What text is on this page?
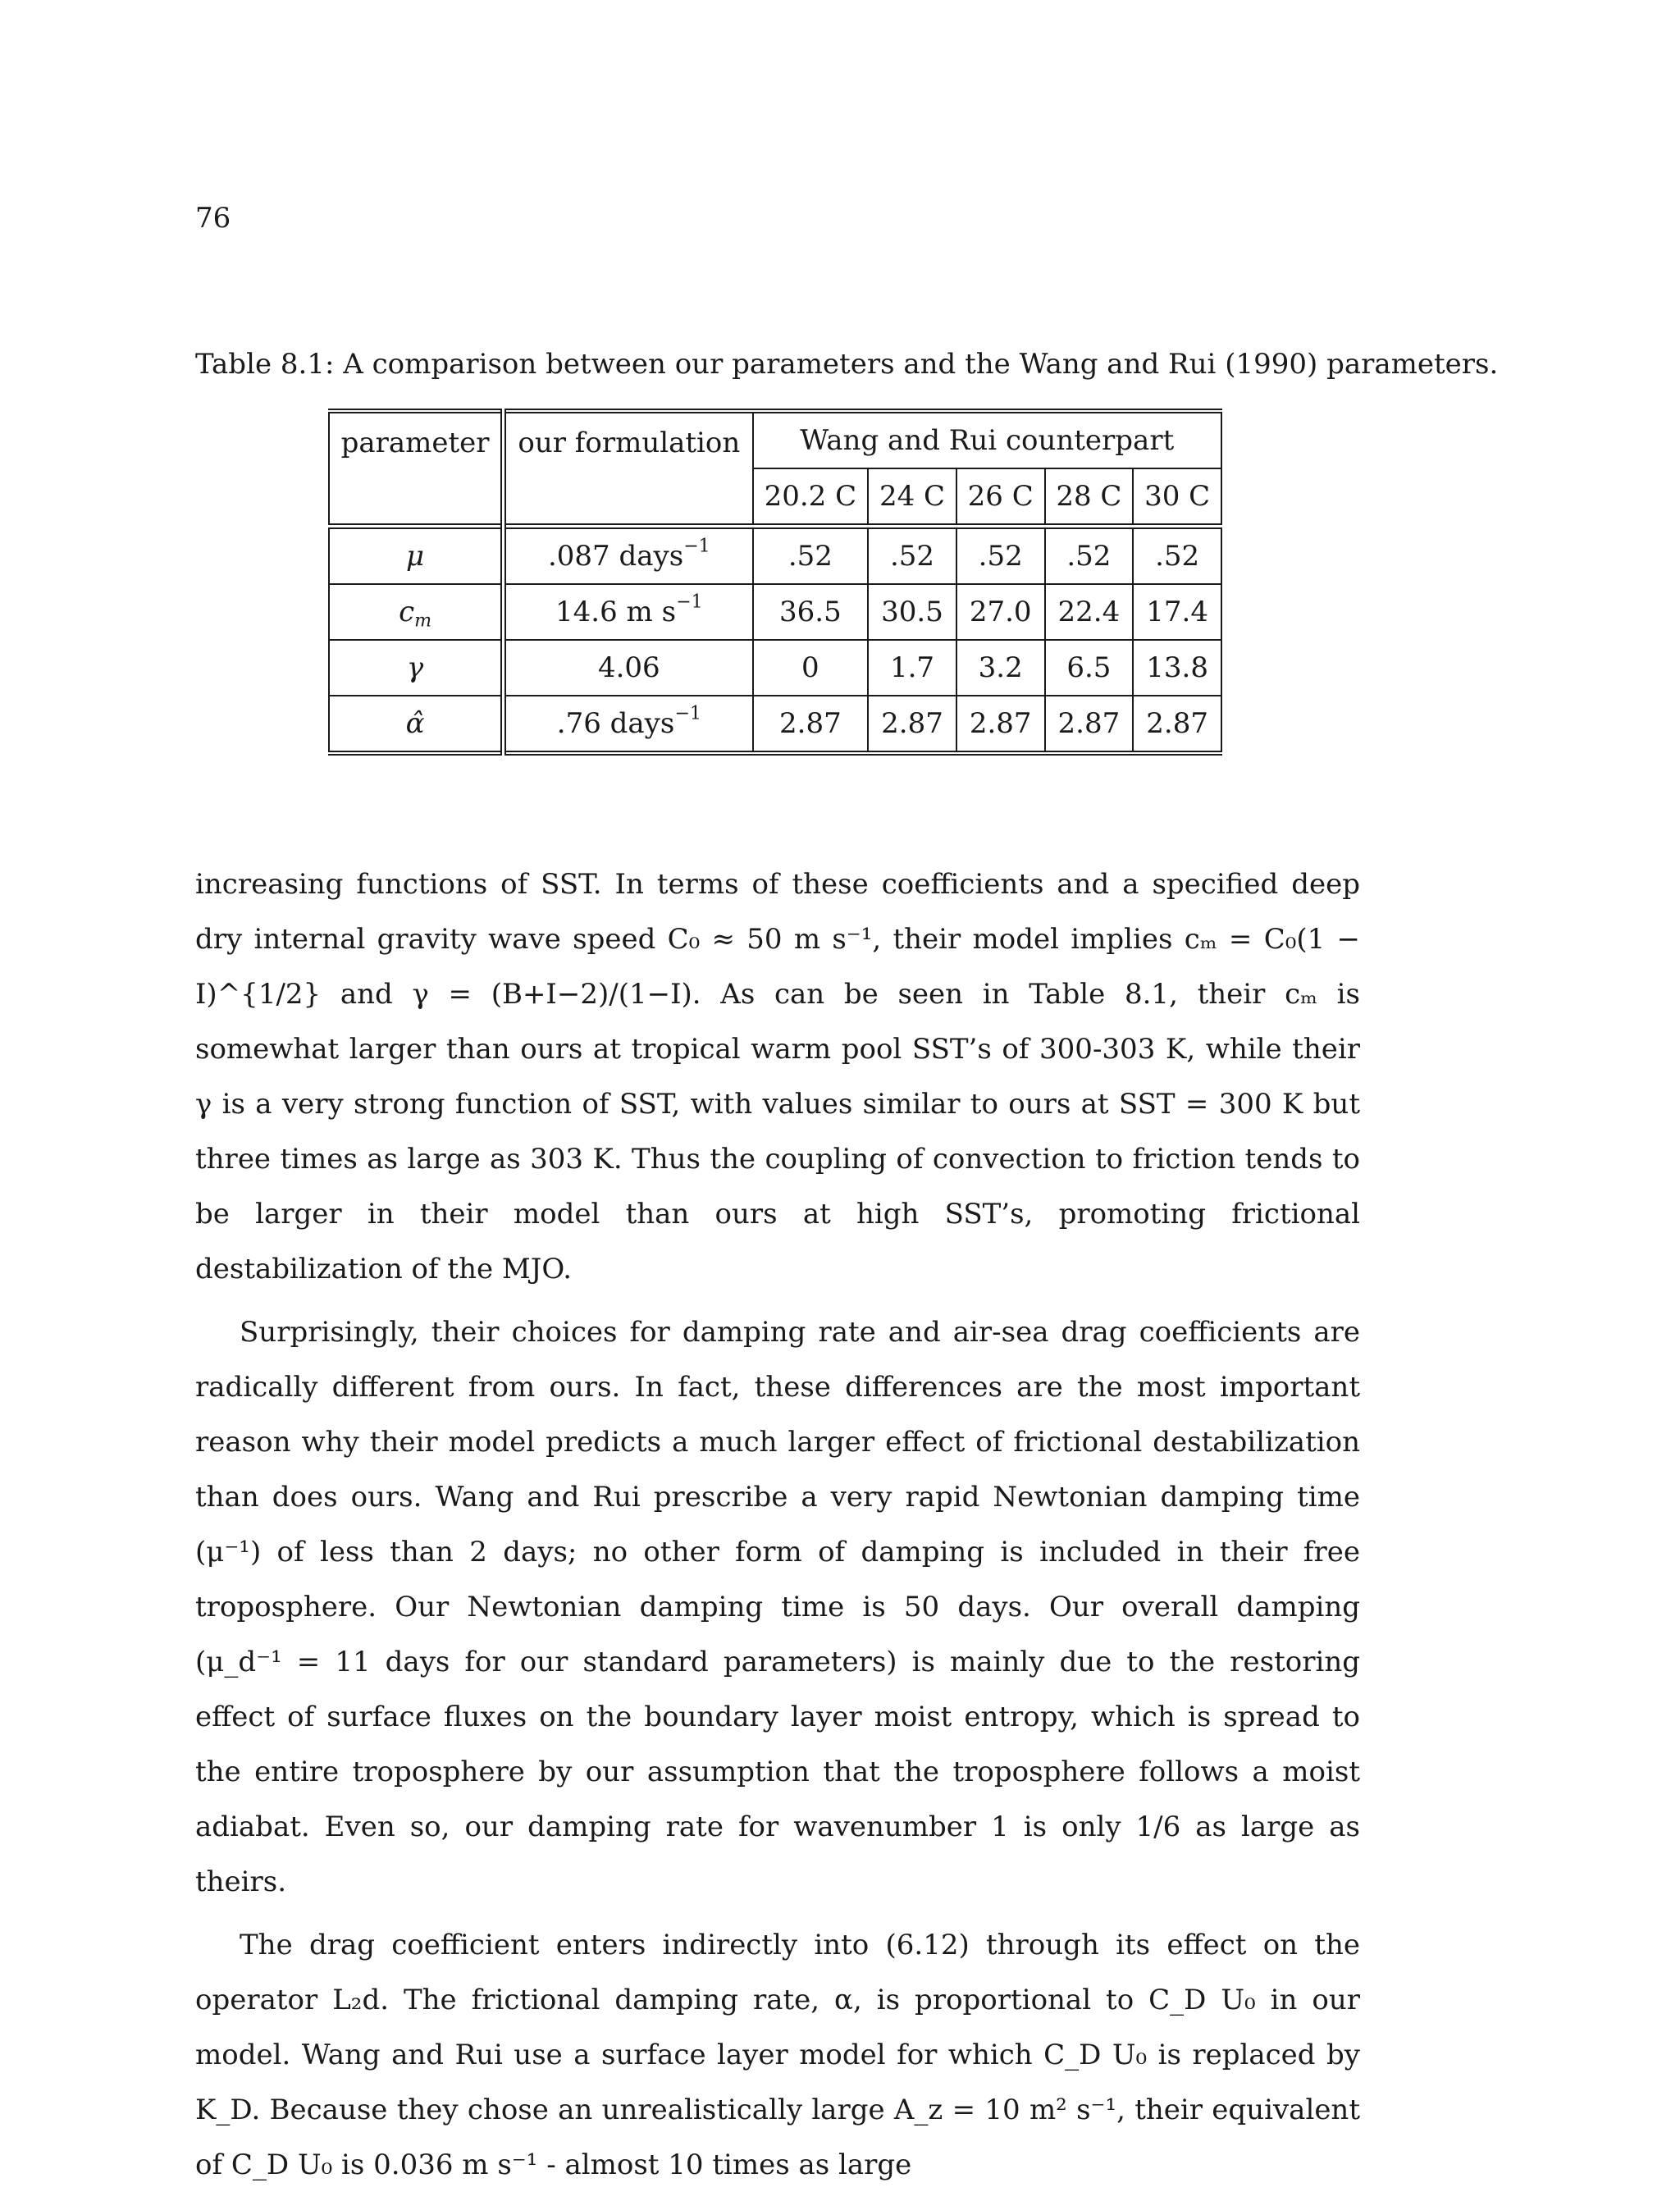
76
Table 8.1: A comparison between our parameters and the Wang and Rui (1990) parameters.
parameter	our formulation	Wang and Rui counterpart				
		20.2 C	24 C	26 C	28 C	30 C
μ	.087 days$^{-1}$	.52	.52	.52	.52	.52
$c_m$	14.6 m $s^{-1}$	36.5	30.5	27.0	22.4	17.4
γ	4.06	0	1.7	3.2	6.5	13.8
α̂	.76 days$^{-1}$	2.87	2.87	2.87	2.87	2.87

increasing functions of SST. In terms of these coefficients and a specified deep dry internal gravity wave speed C₀ ≈ 50 m s⁻¹, their model implies cₘ = C₀(1 − I)^{1/2} and γ = (B+I−2)/(1−I). As can be seen in Table 8.1, their cₘ is somewhat larger than ours at tropical warm pool SST’s of 300-303 K, while their γ is a very strong function of SST, with values similar to ours at SST = 300 K but three times as large as 303 K. Thus the coupling of convection to friction tends to be larger in their model than ours at high SST’s, promoting frictional destabilization of the MJO.

Surprisingly, their choices for damping rate and air-sea drag coefficients are radically different from ours. In fact, these differences are the most important reason why their model predicts a much larger effect of frictional destabilization than does ours. Wang and Rui prescribe a very rapid Newtonian damping time (μ⁻¹) of less than 2 days; no other form of damping is included in their free troposphere. Our Newtonian damping time is 50 days. Our overall damping (μ_d⁻¹ = 11 days for our standard parameters) is mainly due to the restoring effect of surface fluxes on the boundary layer moist entropy, which is spread to the entire troposphere by our assumption that the troposphere follows a moist adiabat. Even so, our damping rate for wavenumber 1 is only 1/6 as large as theirs.

The drag coefficient enters indirectly into (6.12) through its effect on the operator L₂d. The frictional damping rate, α, is proportional to C_D U₀ in our model. Wang and Rui use a surface layer model for which C_D U₀ is replaced by K_D. Because they chose an unrealistically large A_z = 10 m² s⁻¹, their equivalent of C_D U₀ is 0.036 m s⁻¹ - almost 10 times as large
